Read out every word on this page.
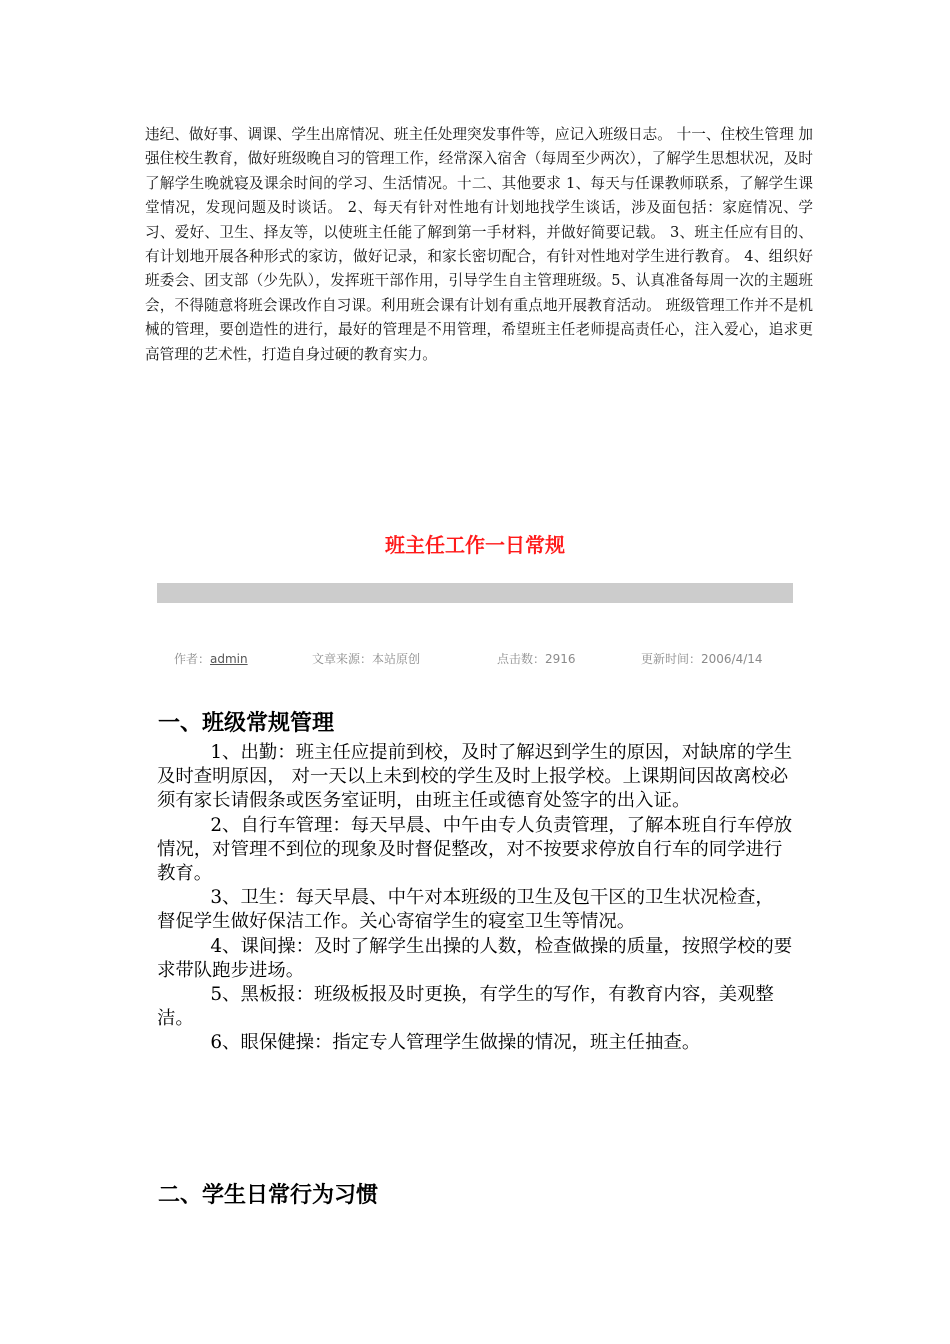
违纪、做好事、调课、学生出席情况、班主任处理突发事件等，应记入班级日志。 十一、住校生管理 加强住校生教育，做好班级晚自习的管理工作，经常深入宿舍（每周至少两次），了解学生思想状况，及时了解学生晚就寝及课余时间的学习、生活情况。十二、其他要求 1、每天与任课教师联系，了解学生课堂情况，发现问题及时谈话。 2、每天有针对性地有计划地找学生谈话，涉及面包括：家庭情况、学习、爱好、卫生、择友等，以使班主任能了解到第一手材料，并做好简要记载。 3、班主任应有目的、有计划地开展各种形式的家访，做好记录，和家长密切配合，有针对性地对学生进行教育。 4、组织好班委会、团支部（少先队），发挥班干部作用，引导学生自主管理班级。5、认真准备每周一次的主题班会，不得随意将班会课改作自习课。利用班会课有计划有重点地开展教育活动。 班级管理工作并不是机械的管理，要创造性的进行，最好的管理是不用管理，希望班主任老师提高责任心，注入爱心，追求更高管理的艺术性，打造自身过硬的教育实力。
班主任工作一日常规
作者：admin	文章来源：本站原创	点击数：2916	更新时间：2006/4/14
一、班级常规管理

1、出勤：班主任应提前到校，及时了解迟到学生的原因，对缺席的学生及时查明原因， 对一天以上未到校的学生及时上报学校。上课期间因故离校必须有家长请假条或医务室证明，由班主任或德育处签字的出入证。

2、自行车管理：每天早晨、中午由专人负责管理，了解本班自行车停放情况，对管理不到位的现象及时督促整改，对不按要求停放自行车的同学进行教育。

3、卫生：每天早晨、中午对本班级的卫生及包干区的卫生状况检查， 督促学生做好保洁工作。关心寄宿学生的寝室卫生等情况。

4、课间操：及时了解学生出操的人数，检查做操的质量，按照学校的要求带队跑步进场。

5、黑板报：班级板报及时更换，有学生的写作，有教育内容，美观整洁。

6、眼保健操：指定专人管理学生做操的情况，班主任抽查。

二、学生日常行为习惯
